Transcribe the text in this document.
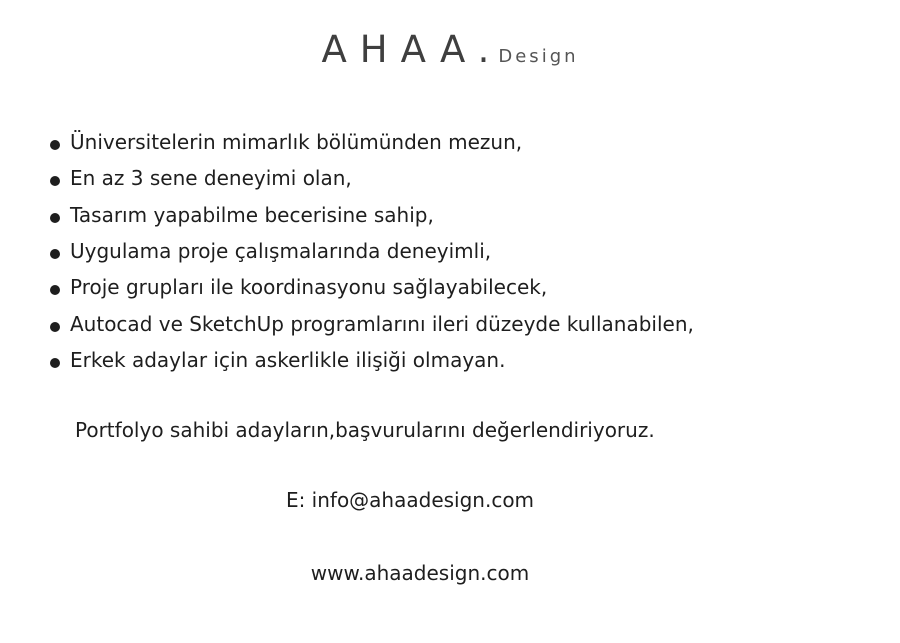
AHAA.Design
Üniversitelerin mimarlık bölümünden mezun,
En az 3 sene deneyimi olan,
Tasarım yapabilme becerisine sahip,
Uygulama proje çalışmalarında deneyimli,
Proje grupları ile koordinasyonu sağlayabilecek,
Autocad ve SketchUp programlarını ileri düzeyde kullanabilen,
Erkek adaylar için askerlikle ilişiği olmayan.
Portfolyo sahibi adayların,başvurularını değerlendiriyoruz.
E: info@ahaadesign.com
www.ahaadesign.com
